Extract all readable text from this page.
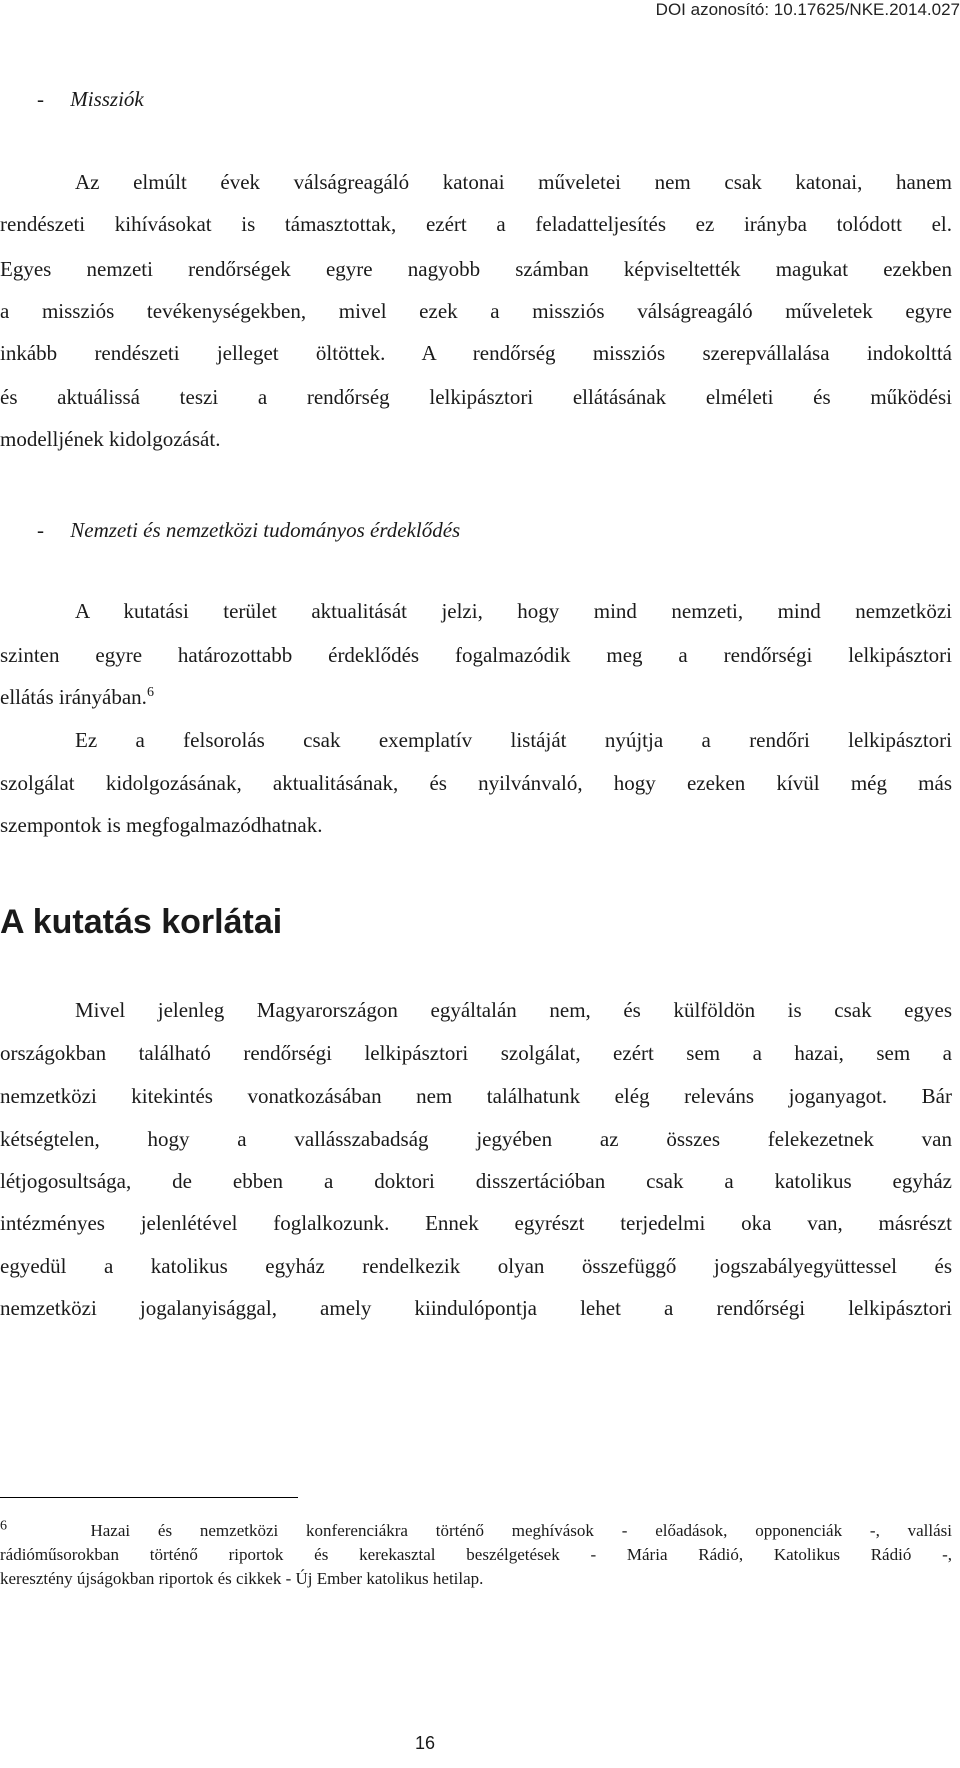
DOI azonosító: 10.17625/NKE.2014.027
-     Missziók
Az elmúlt évek válságreagáló katonai műveletei nem csak katonai, hanem
rendészeti kihívásokat is támasztottak, ezért a feladatteljesítés ez irányba tolódott el.
Egyes nemzeti rendőrségek egyre nagyobb számban képviseltették magukat ezekben
a missziós tevékenységekben, mivel ezek a missziós válságreagáló műveletek egyre
inkább rendészeti jelleget öltöttek. A rendőrség missziós szerepvállalása indokolttá
és aktuálissá teszi a rendőrség lelkipásztori ellátásának elméleti és működési
modelljének kidolgozását.
-     Nemzeti és nemzetközi tudományos érdeklődés
A kutatási terület aktualitását jelzi, hogy mind nemzeti, mind nemzetközi
szinten egyre határozottabb érdeklődés fogalmazódik meg a rendőrségi lelkipásztori
ellátás irányában.$^6$
Ez a felsorolás csak exemplatív listáját nyújtja a rendőri lelkipásztori
szolgálat kidolgozásának, aktualitásának, és nyilvánvaló, hogy ezeken kívül még más
szempontok is megfogalmazódhatnak.
A kutatás korlátai
Mivel jelenleg Magyarországon egyáltalán nem, és külföldön is csak egyes
országokban található rendőrségi lelkipásztori szolgálat, ezért sem a hazai, sem a
nemzetközi kitekintés vonatkozásában nem találhatunk elég releváns joganyagot. Bár
kétségtelen, hogy a vallásszabadság jegyében az összes felekezetnek van
létjogosultsága, de ebben a doktori disszertációban csak a katolikus egyház
intézményes jelenlétével foglalkozunk. Ennek egyrészt terjedelmi oka van, másrészt
egyedül a katolikus egyház rendelkezik olyan összefüggő jogszabályegyüttessel és
nemzetközi jogalanyisággal, amely kiindulópontja lehet a rendőrségi lelkipásztori
$^6$	Hazai és nemzetközi konferenciákra történő meghívások - előadások, opponenciák -, vallási
rádióműsorokban történő riportok és kerekasztal beszélgetések - Mária Rádió, Katolikus Rádió -,
keresztény újságokban riportok és cikkek - Új Ember katolikus hetilap.
16
